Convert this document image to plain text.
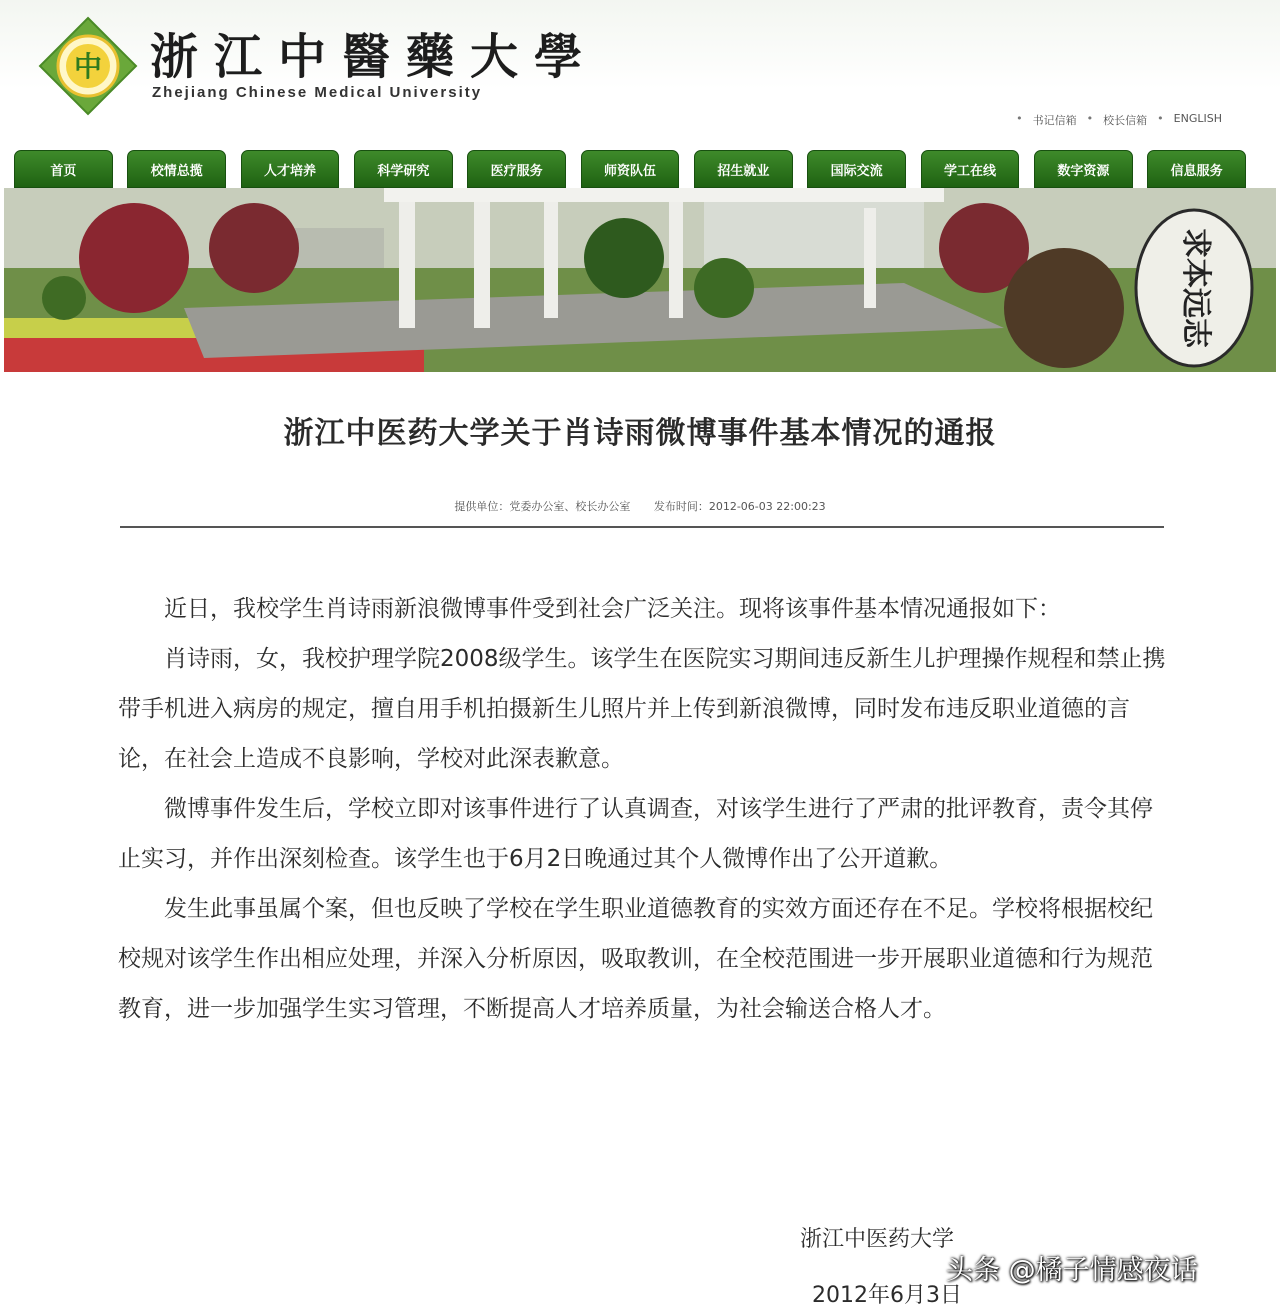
中 浙江中醫藥大學
Zhejiang Chinese Medical University
• 书记信箱 • 校长信箱 • ENGLISH
首页	校情总揽	人才培养	科学研究	医疗服务	师资队伍	招生就业	国际交流	学工在线	数字资源	信息服务
求本远志
浙江中医药大学关于肖诗雨微博事件基本情况的通报
提供单位：党委办公室、校长办公室 发布时间：2012-06-03 22:00:23

近日，我校学生肖诗雨新浪微博事件受到社会广泛关注。现将该事件基本情况通报如下：

肖诗雨，女，我校护理学院2008级学生。该学生在医院实习期间违反新生儿护理操作规程和禁止携带手机进入病房的规定，擅自用手机拍摄新生儿照片并上传到新浪微博，同时发布违反职业道德的言论，在社会上造成不良影响，学校对此深表歉意。

微博事件发生后，学校立即对该事件进行了认真调查，对该学生进行了严肃的批评教育，责令其停止实习，并作出深刻检查。该学生也于6月2日晚通过其个人微博作出了公开道歉。

发生此事虽属个案，但也反映了学校在学生职业道德教育的实效方面还存在不足。学校将根据校纪校规对该学生作出相应处理，并深入分析原因，吸取教训，在全校范围进一步开展职业道德和行为规范教育，进一步加强学生实习管理，不断提高人才培养质量，为社会输送合格人才。

浙江中医药大学
2012年6月3日
头条 @橘子情感夜话
